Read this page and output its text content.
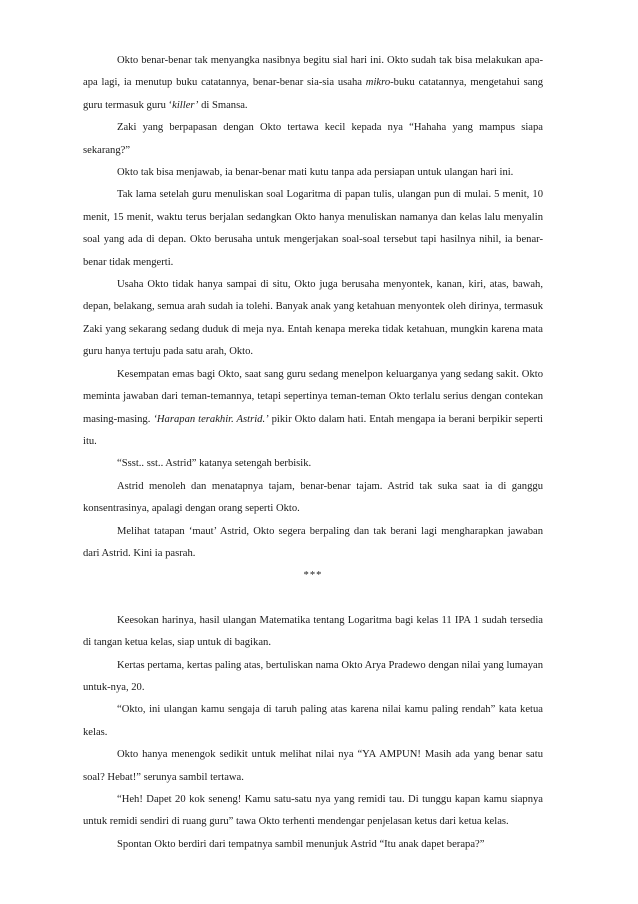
Okto benar-benar tak menyangka nasibnya begitu sial hari ini. Okto sudah tak bisa melakukan apa-apa lagi, ia menutup buku catatannya, benar-benar sia-sia usaha mikro-buku catatannya, mengetahui sang guru termasuk guru ‘killer’ di Smansa.

Zaki yang berpapasan dengan Okto tertawa kecil kepada nya “Hahaha yang mampus siapa sekarang?”

Okto tak bisa menjawab, ia benar-benar mati kutu tanpa ada persiapan untuk ulangan hari ini.

Tak lama setelah guru menuliskan soal Logaritma di papan tulis, ulangan pun di mulai. 5 menit, 10 menit, 15 menit, waktu terus berjalan sedangkan Okto hanya menuliskan namanya dan kelas lalu menyalin soal yang ada di depan. Okto berusaha untuk mengerjakan soal-soal tersebut tapi hasilnya nihil, ia benar-benar tidak mengerti.

Usaha Okto tidak hanya sampai di situ, Okto juga berusaha menyontek, kanan, kiri, atas, bawah, depan, belakang, semua arah sudah ia tolehi. Banyak anak yang ketahuan menyontek oleh dirinya, termasuk Zaki yang sekarang sedang duduk di meja nya. Entah kenapa mereka tidak ketahuan, mungkin karena mata guru hanya tertuju pada satu arah, Okto.

Kesempatan emas bagi Okto, saat sang guru sedang menelpon keluarganya yang sedang sakit. Okto meminta jawaban dari teman-temannya, tetapi sepertinya teman-teman Okto terlalu serius dengan contekan masing-masing. ‘Harapan terakhir. Astrid.’ pikir Okto dalam hati. Entah mengapa ia berani berpikir seperti itu.

“Ssst.. sst.. Astrid” katanya setengah berbisik.

Astrid menoleh dan menatapnya tajam, benar-benar tajam. Astrid tak suka saat ia di ganggu konsentrasinya, apalagi dengan orang seperti Okto.

Melihat tatapan ‘maut’ Astrid, Okto segera berpaling dan tak berani lagi mengharapkan jawaban dari Astrid. Kini ia pasrah.

***

Keesokan harinya, hasil ulangan Matematika tentang Logaritma bagi kelas 11 IPA 1 sudah tersedia di tangan ketua kelas, siap untuk di bagikan.

Kertas pertama, kertas paling atas, bertuliskan nama Okto Arya Pradewo dengan nilai yang lumayan untuk-nya, 20.

“Okto, ini ulangan kamu sengaja di taruh paling atas karena nilai kamu paling rendah” kata ketua kelas.

Okto hanya menengok sedikit untuk melihat nilai nya “YA AMPUN! Masih ada yang benar satu soal? Hebat!” serunya sambil tertawa.

“Heh! Dapet 20 kok seneng! Kamu satu-satu nya yang remidi tau. Di tunggu kapan kamu siapnya untuk remidi sendiri di ruang guru” tawa Okto terhenti mendengar penjelasan ketus dari ketua kelas.

Spontan Okto berdiri dari tempatnya sambil menunjuk Astrid “Itu anak dapet berapa?”
